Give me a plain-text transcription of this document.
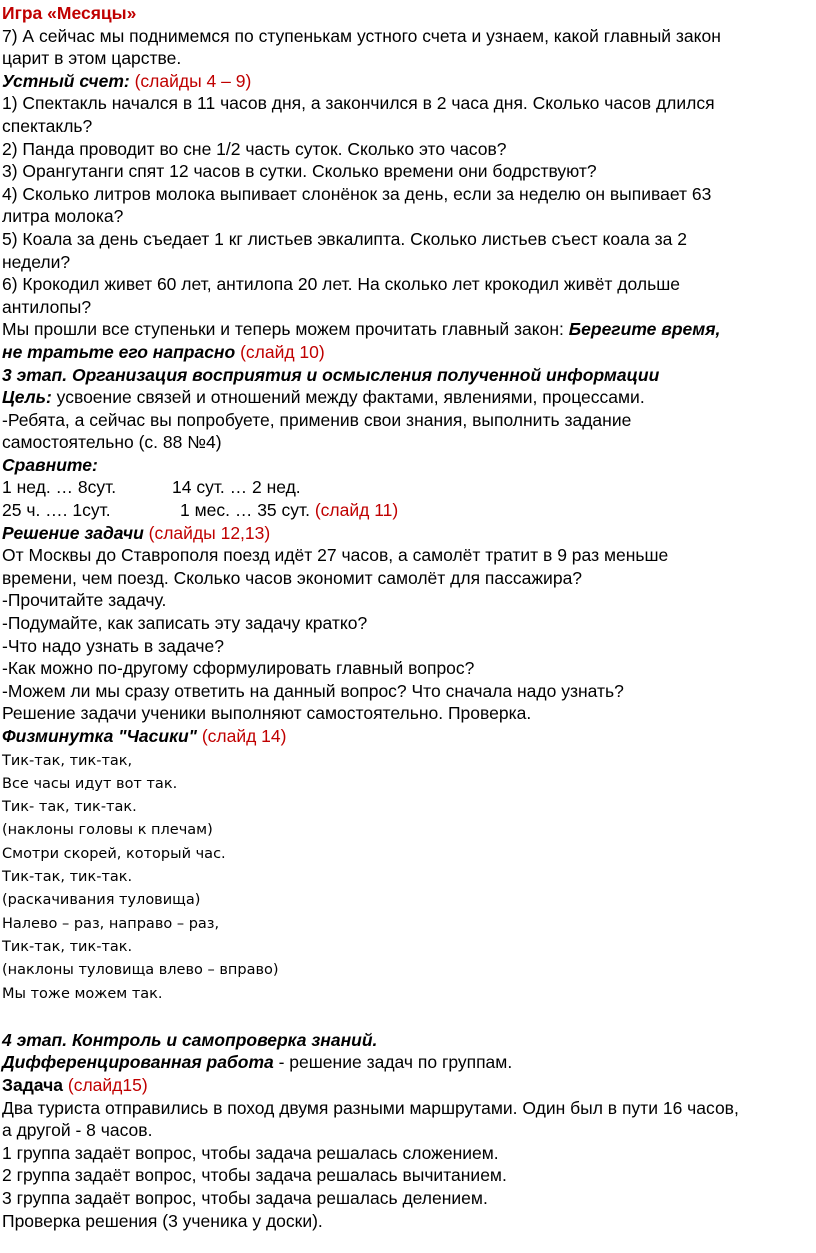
Игра «Месяцы»
7) А сейчас мы поднимемся по ступенькам устного счета и узнаем, какой главный закон
царит в этом царстве.
Устный счет: (слайды 4 – 9)
1) Спектакль начался в 11 часов дня, а закончился в 2 часа дня. Сколько часов длился
спектакль?
2) Панда проводит во сне 1/2 часть суток. Сколько это часов?
3) Орангутанги спят 12 часов в сутки. Сколько времени они бодрствуют?
4) Сколько литров молока выпивает слонёнок за день, если за неделю он выпивает 63
литра молока?
5) Коала за день съедает 1 кг листьев эвкалипта. Сколько листьев съест коала за 2
недели?
6) Крокодил живет 60 лет, антилопа 20 лет. На сколько лет крокодил живёт дольше
антилопы?
Мы прошли все ступеньки и теперь можем прочитать главный закон: Берегите время,
не тратьте его напрасно (слайд 10)
3 этап. Организация восприятия и осмысления полученной информации
Цель: усвоение связей и отношений между фактами, явлениями, процессами.
-Ребята, а сейчас вы попробуете, применив свои знания, выполнить задание
самостоятельно (с. 88 №4)
Сравните:
1 нед. … 8сут.	14 сут. … 2 нед.
25 ч. …. 1сут.	1 мес. … 35 сут. (слайд 11)
Решение задачи (слайды 12,13)
От Москвы до Ставрополя поезд идёт 27 часов, а самолёт тратит в 9 раз меньше
времени, чем поезд. Сколько часов экономит самолёт для пассажира?
-Прочитайте задачу.
-Подумайте, как записать эту задачу кратко?
-Что надо узнать в задаче?
-Как можно по-другому сформулировать главный вопрос?
-Можем ли мы сразу ответить на данный вопрос? Что сначала надо узнать?
Решение задачи ученики выполняют самостоятельно. Проверка.
Физминутка "Часики" (слайд 14)
Тик-так, тик-так,
Все часы идут вот так.
Тик- так, тик-так.
(наклоны головы к плечам)
Смотри скорей, который час.
Тик-так, тик-так.
(раскачивания туловища)
Налево – раз, направо – раз,
Тик-так, тик-так.
(наклоны туловища влево – вправо)
Мы тоже можем так.
4 этап. Контроль и самопроверка знаний.
Дифференцированная работа - решение задач по группам.
Задача (слайд15)
Два туриста отправились в поход двумя разными маршрутами. Один был в пути 16 часов,
а другой - 8 часов.
1 группа задаёт вопрос, чтобы задача решалась сложением.
2 группа задаёт вопрос, чтобы задача решалась вычитанием.
3 группа задаёт вопрос, чтобы задача решалась делением.
Проверка решения (3 ученика у доски).
